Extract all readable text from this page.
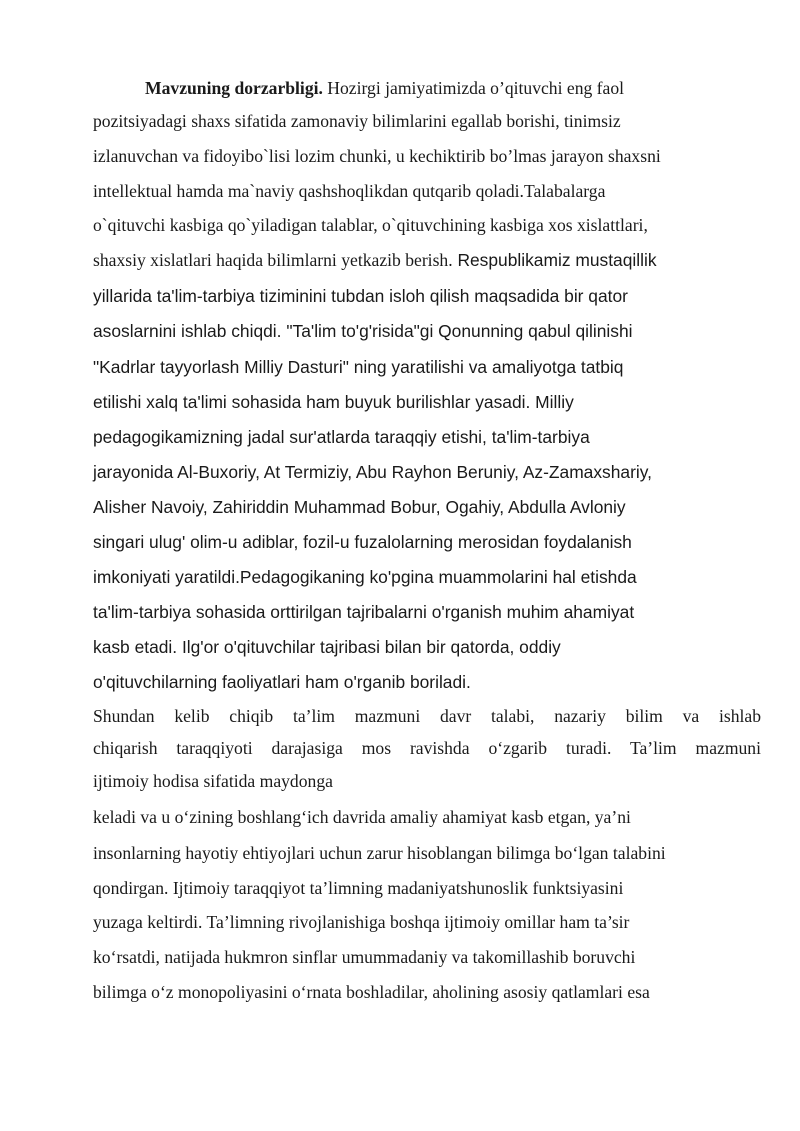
Mavzuning dorzarbligi. Hozirgi jamiyatimizda o’qituvchi eng faol
pozitsiyadagi shaxs sifatida zamonaviy bilimlarini egallab borishi, tinimsiz
izlanuvchan va fidoyibo`lisi lozim chunki, u kechiktirib bo’lmas jarayon shaxsni
intellektual hamda ma`naviy qashshoqlikdan qutqarib qoladi.Talabalarga
o`qituvchi kasbiga qo`yiladigan talablar, o`qituvchining kasbiga xos xislattlari,
shaxsiy xislatlari haqida bilimlarni yetkazib berish. Respublikamiz mustaqillik
yillarida ta'lim-tarbiya tiziminini tubdan isloh qilish maqsadida bir qator
asoslarnini ishlab chiqdi. "Ta'lim to'g'risida"gi Qonunning qabul qilinishi
"Kadrlar tayyorlash Milliy Dasturi" ning yaratilishi va amaliyotga tatbiq
etilishi xalq ta'limi sohasida ham buyuk burilishlar yasadi. Milliy
pedagogikamizning jadal sur'atlarda taraqqiy etishi, ta'lim-tarbiya
jarayonida Al-Buxoriy, At Termiziy, Abu Rayhon Beruniy, Az-Zamaxshariy,
Alisher Navoiy, Zahiriddin Muhammad Bobur, Ogahiy, Abdulla Avloniy
singari ulug' olim-u adiblar, fozil-u fuzalolarning merosidan foydalanish
imkoniyati yaratildi.Pedagogikaning ko'pgina muammolarini hal etishda
ta'lim-tarbiya sohasida orttirilgan tajribalarni o'rganish muhim ahamiyat
kasb etadi. Ilg'or o'qituvchilar tajribasi bilan bir qatorda, oddiy
o'qituvchilarning faoliyatlari ham o'rganib boriladi.
Shundan kelib chiqib ta’lim mazmuni davr talabi, nazariy bilim va ishlab
chiqarish taraqqiyoti darajasiga mos ravishda o‘zgarib turadi. Ta’lim mazmuni
ijtimoiy hodisa sifatida maydonga
keladi va u o‘zining boshlang‘ich davrida amaliy ahamiyat kasb etgan, ya’ni
insonlarning hayotiy ehtiyojlari uchun zarur hisoblangan bilimga bo‘lgan talabini
qondirgan. Ijtimoiy taraqqiyot ta’limning madaniyatshunoslik funktsiyasini
yuzaga keltirdi. Ta’limning rivojlanishiga boshqa ijtimoiy omillar ham ta’sir
ko‘rsatdi, natijada hukmron sinflar umummadaniy va takomillashib boruvchi
bilimga o‘z monopoliyasini o‘rnata boshladilar, aholining asosiy qatlamlari esa
